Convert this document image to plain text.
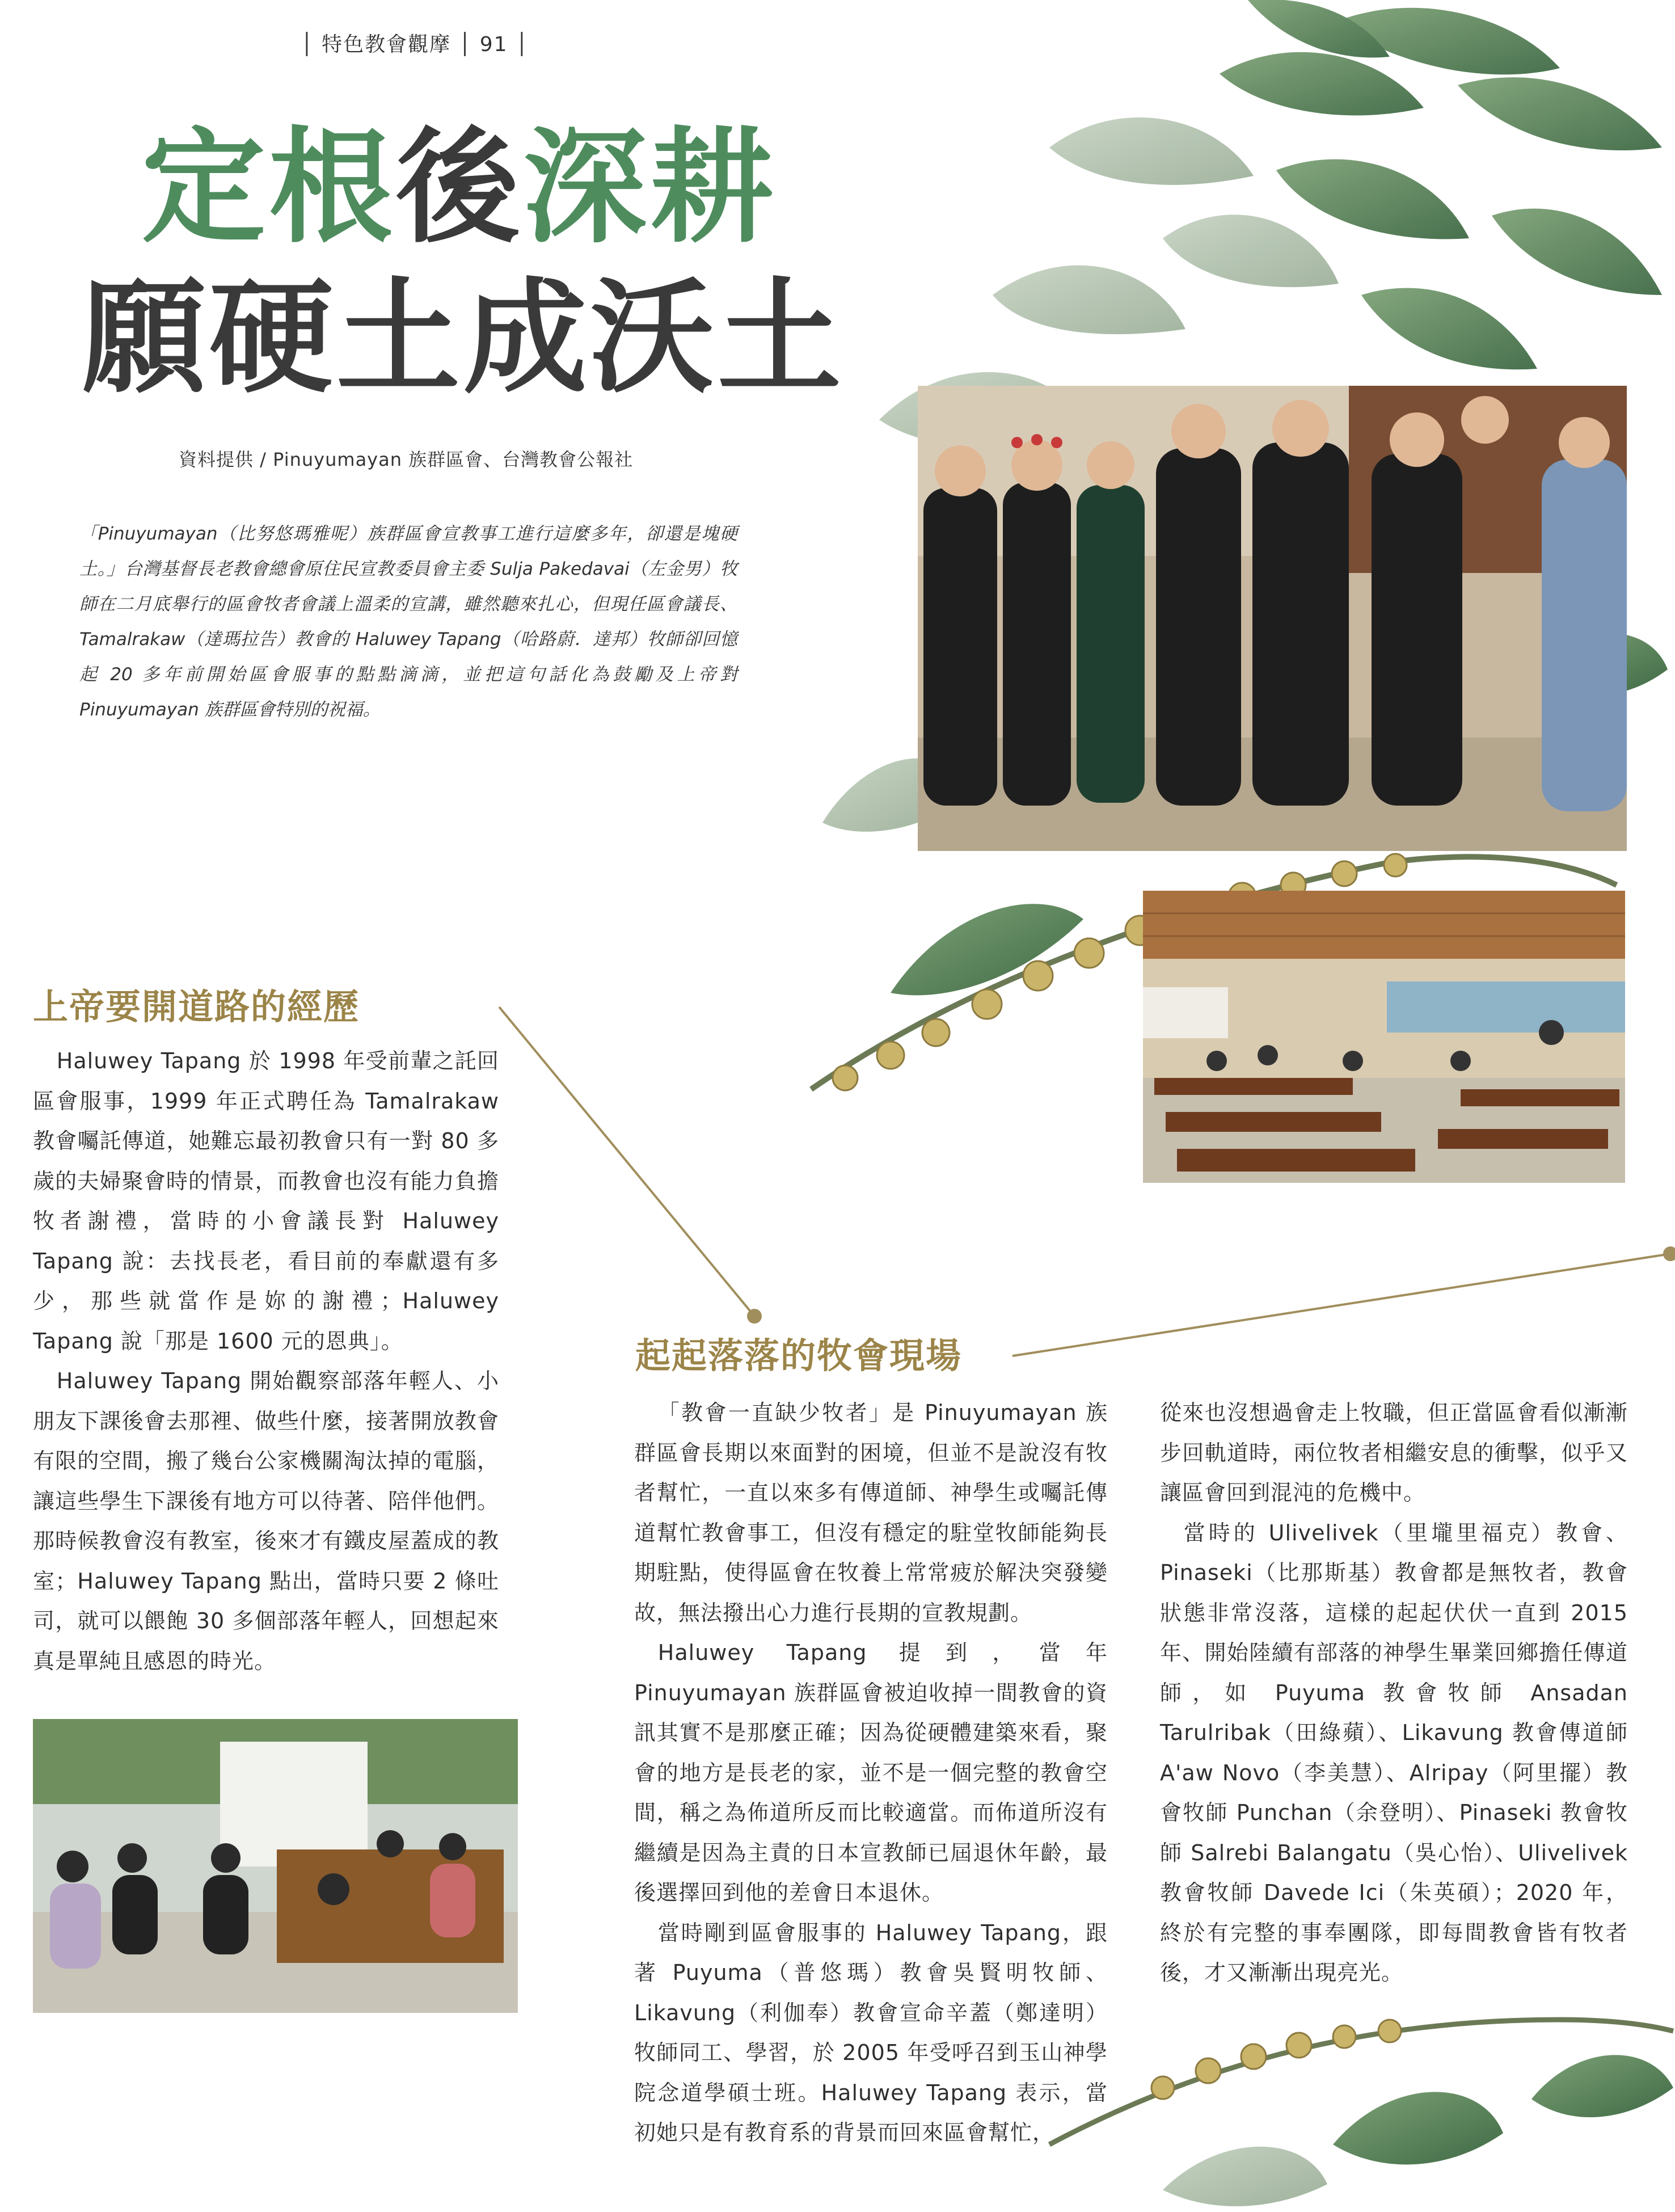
│ 特色教會觀摩 │ 91 │
定根後深耕
願硬土成沃土
資料提供 / Pinuyumayan 族群區會、台灣教會公報社
「Pinuyumayan（比努悠瑪雅呢）族群區會宣教事工進行這麼多年，卻還是塊硬土。」台灣基督長老教會總會原住民宣教委員會主委 Sulja Pakedavai（左金男）牧師在二月底舉行的區會牧者會議上溫柔的宣講，雖然聽來扎心，但現任區會議長、Tamalrakaw（達瑪拉告）教會的 Haluwey Tapang（哈路蔚．達邦）牧師卻回憶起 20 多年前開始區會服事的點點滴滴，並把這句話化為鼓勵及上帝對 Pinuyumayan 族群區會特別的祝福。
上帝要開道路的經歷

Haluwey Tapang 於 1998 年受前輩之託回區會服事，1999 年正式聘任為 Tamalrakaw 教會囑託傳道，她難忘最初教會只有一對 80 多歲的夫婦聚會時的情景，而教會也沒有能力負擔牧者謝禮，當時的小會議長對 Haluwey Tapang 說：去找長老，看目前的奉獻還有多少，那些就當作是妳的謝禮；Haluwey Tapang 說「那是 1600 元的恩典」。

Haluwey Tapang 開始觀察部落年輕人、小朋友下課後會去那裡、做些什麼，接著開放教會有限的空間，搬了幾台公家機關淘汰掉的電腦，讓這些學生下課後有地方可以待著、陪伴他們。那時候教會沒有教室，後來才有鐵皮屋蓋成的教室；Haluwey Tapang 點出，當時只要 2 條吐司，就可以餵飽 30 多個部落年輕人，回想起來真是單純且感恩的時光。

起起落落的牧會現場

「教會一直缺少牧者」是 Pinuyumayan 族群區會長期以來面對的困境，但並不是說沒有牧者幫忙，一直以來多有傳道師、神學生或囑託傳道幫忙教會事工，但沒有穩定的駐堂牧師能夠長期駐點，使得區會在牧養上常常疲於解決突發變故，無法撥出心力進行長期的宣教規劃。

Haluwey Tapang 提到，當年 Pinuyumayan 族群區會被迫收掉一間教會的資訊其實不是那麼正確；因為從硬體建築來看，聚會的地方是長老的家，並不是一個完整的教會空間，稱之為佈道所反而比較適當。而佈道所沒有繼續是因為主責的日本宣教師已屆退休年齡，最後選擇回到他的差會日本退休。

當時剛到區會服事的 Haluwey Tapang，跟著 Puyuma（普悠瑪）教會吳賢明牧師、Likavung（利伽奉）教會宣命辛蓋（鄭達明）牧師同工、學習，於 2005 年受呼召到玉山神學院念道學碩士班。Haluwey Tapang 表示，當初她只是有教育系的背景而回來區會幫忙，

從來也沒想過會走上牧職，但正當區會看似漸漸步回軌道時，兩位牧者相繼安息的衝擊，似乎又讓區會回到混沌的危機中。

當時的 Ulivelivek（里壠里福克）教會、Pinaseki（比那斯基）教會都是無牧者，教會狀態非常沒落，這樣的起起伏伏一直到 2015 年、開始陸續有部落的神學生畢業回鄉擔任傳道師，如 Puyuma 教會牧師 Ansadan Tarulribak（田綠蘋）、Likavung 教會傳道師 A'aw Novo（李美慧）、Alripay（阿里擺）教會牧師 Punchan（余登明）、Pinaseki 教會牧師 Salrebi Balangatu（吳心怡）、Ulivelivek 教會牧師 Davede Ici（朱英碩）；2020 年，終於有完整的事奉團隊，即每間教會皆有牧者後，才又漸漸出現亮光。
